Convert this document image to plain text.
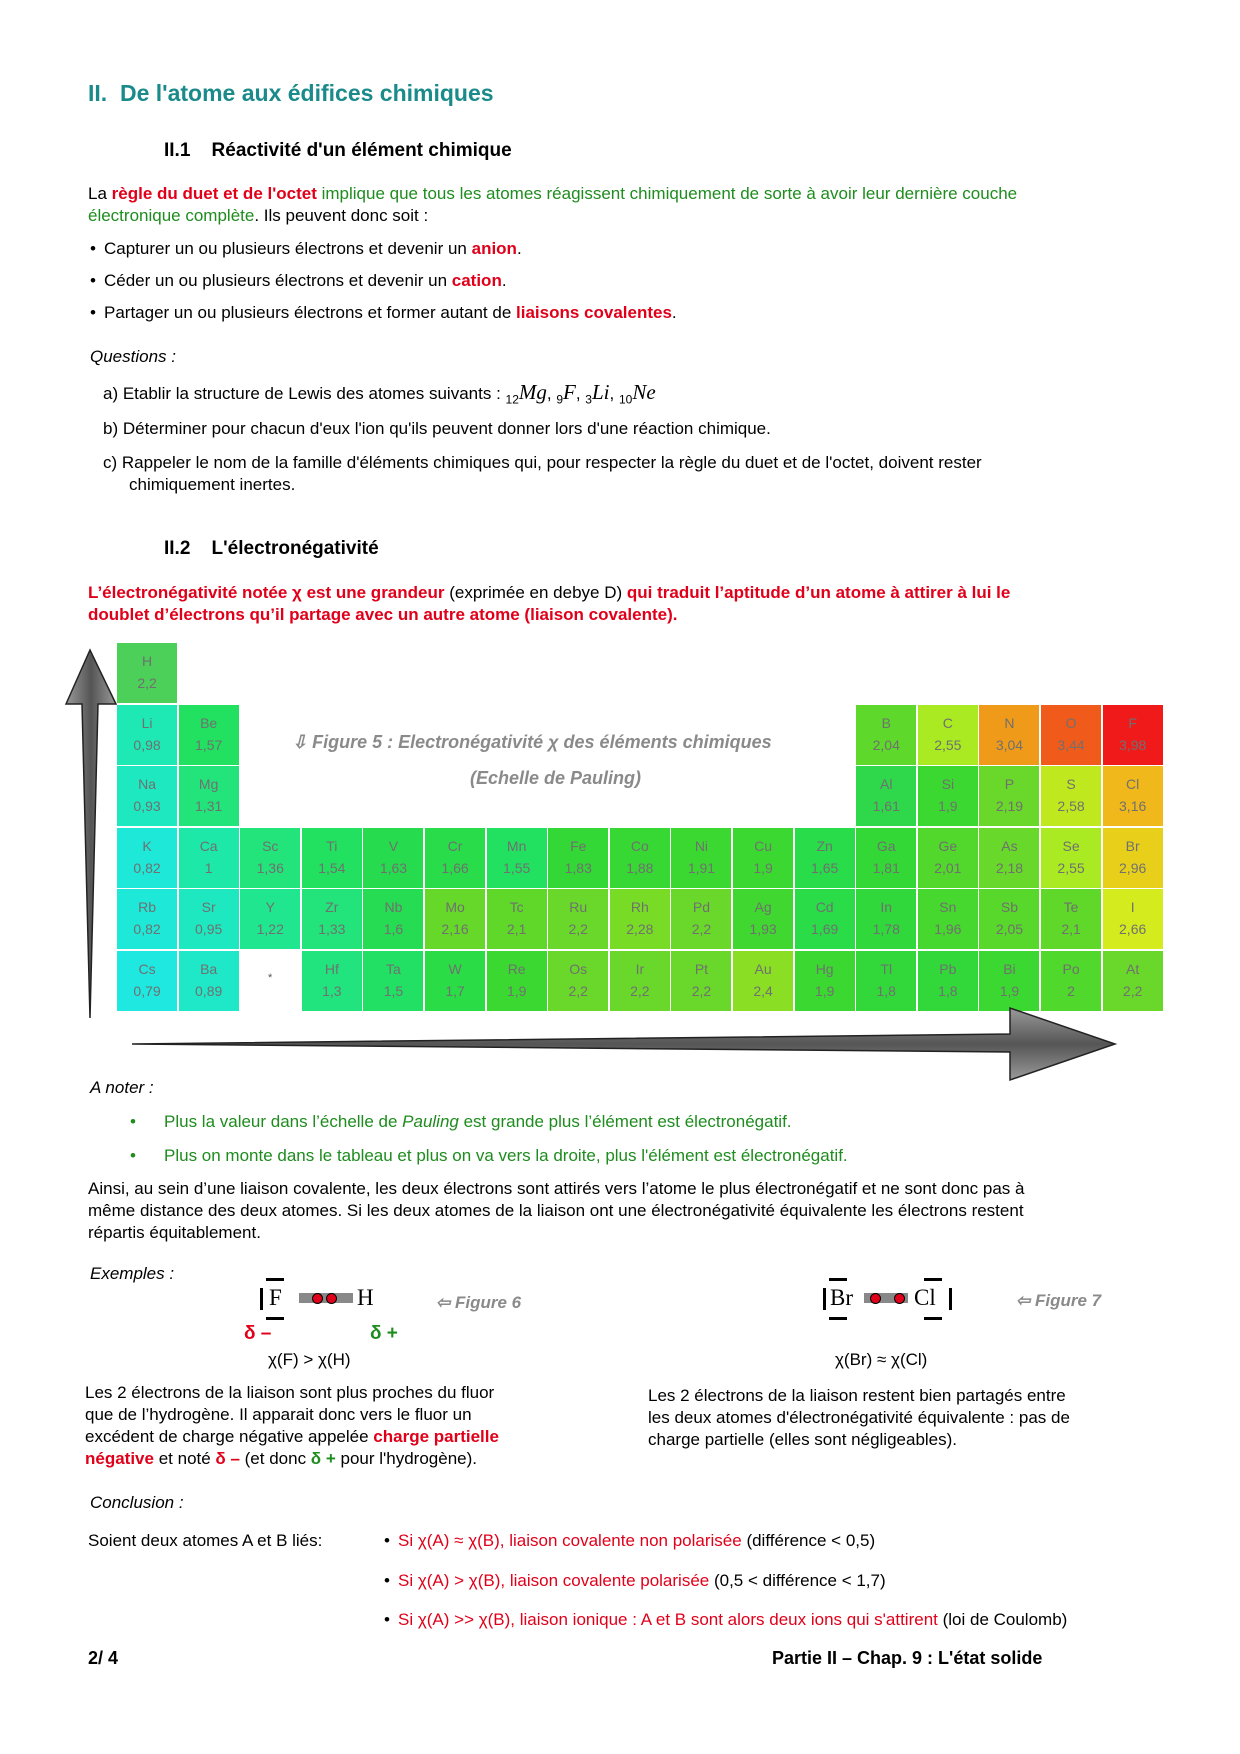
II. De l'atome aux édifices chimiques
II.1 Réactivité d'un élément chimique
La règle du duet et de l'octet implique que tous les atomes réagissent chimiquement de sorte à avoir leur dernière couche
électronique complète. Ils peuvent donc soit :
• Capturer un ou plusieurs électrons et devenir un anion.
• Céder un ou plusieurs électrons et devenir un cation.
• Partager un ou plusieurs électrons et former autant de liaisons covalentes.
Questions :
a) Etablir la structure de Lewis des atomes suivants : $_{12}$Mg, $_9$F, $_3$Li, $_{10}$Ne
b) Déterminer pour chacun d'eux l'ion qu'ils peuvent donner lors d'une réaction chimique.
c) Rappeler le nom de la famille d'éléments chimiques qui, pour respecter la règle du duet et de l'octet, doivent rester
chimiquement inertes.
II.2 L'électronégativité
L’électronégativité notée χ est une grandeur (exprimée en debye D) qui traduit l’aptitude d’un atome à attirer à lui le
doublet d’électrons qu’il partage avec un autre atome (liaison covalente).
H
2,2
Li
0,98
Be
1,57
B
2,04
C
2,55
N
3,04
O
3,44
F
3,98
Na
0,93
Mg
1,31
Al
1,61
Si
1,9
P
2,19
S
2,58
Cl
3,16
K
0,82
Ca
1
Sc
1,36
Ti
1,54
V
1,63
Cr
1,66
Mn
1,55
Fe
1,83
Co
1,88
Ni
1,91
Cu
1,9
Zn
1,65
Ga
1,81
Ge
2,01
As
2,18
Se
2,55
Br
2,96
Rb
0,82
Sr
0,95
Y
1,22
Zr
1,33
Nb
1,6
Mo
2,16
Tc
2,1
Ru
2,2
Rh
2,28
Pd
2,2
Ag
1,93
Cd
1,69
In
1,78
Sn
1,96
Sb
2,05
Te
2,1
I
2,66
Cs
0,79
Ba
0,89
Hf
1,3
Ta
1,5
W
1,7
Re
1,9
Os
2,2
Ir
2,2
Pt
2,2
Au
2,4
Hg
1,9
Tl
1,8
Pb
1,8
Bi
1,9
Po
2
At
2,2
⇩ Figure 5 : Electronégativité χ des éléments chimiques
(Echelle de Pauling)
*
A noter :
• Plus la valeur dans l’échelle de Pauling est grande plus l’élément est électronégatif.
• Plus on monte dans le tableau et plus on va vers la droite, plus l'élément est électronégatif.
Ainsi, au sein d’une liaison covalente, les deux électrons sont attirés vers l’atome le plus électronégatif et ne sont donc pas à
même distance des deux atomes. Si les deux atomes de la liaison ont une électronégativité équivalente les électrons restent
répartis équitablement.
Exemples :
F	H	⇦ Figure 6
δ –	δ +
χ(F) > χ(H)
Les 2 électrons de la liaison sont plus proches du fluor
que de l’hydrogène. Il apparait donc vers le fluor un
excédent de charge négative appelée charge partielle
négative et noté δ – (et donc δ + pour l'hydrogène).
Br	Cl	⇦ Figure 7
χ(Br) ≈ χ(Cl)
Les 2 électrons de la liaison restent bien partagés entre
les deux atomes d'électronégativité équivalente : pas de
charge partielle (elles sont négligeables).
Conclusion :
Soient deux atomes A et B liés:
•	Si χ(A) ≈ χ(B), liaison covalente non polarisée (différence < 0,5)
• Si χ(A) > χ(B), liaison covalente polarisée (0,5 < différence < 1,7)
• Si χ(A) >> χ(B), liaison ionique : A et B sont alors deux ions qui s'attirent (loi de Coulomb)
2/ 4	Partie II – Chap. 9 : L'état solide
